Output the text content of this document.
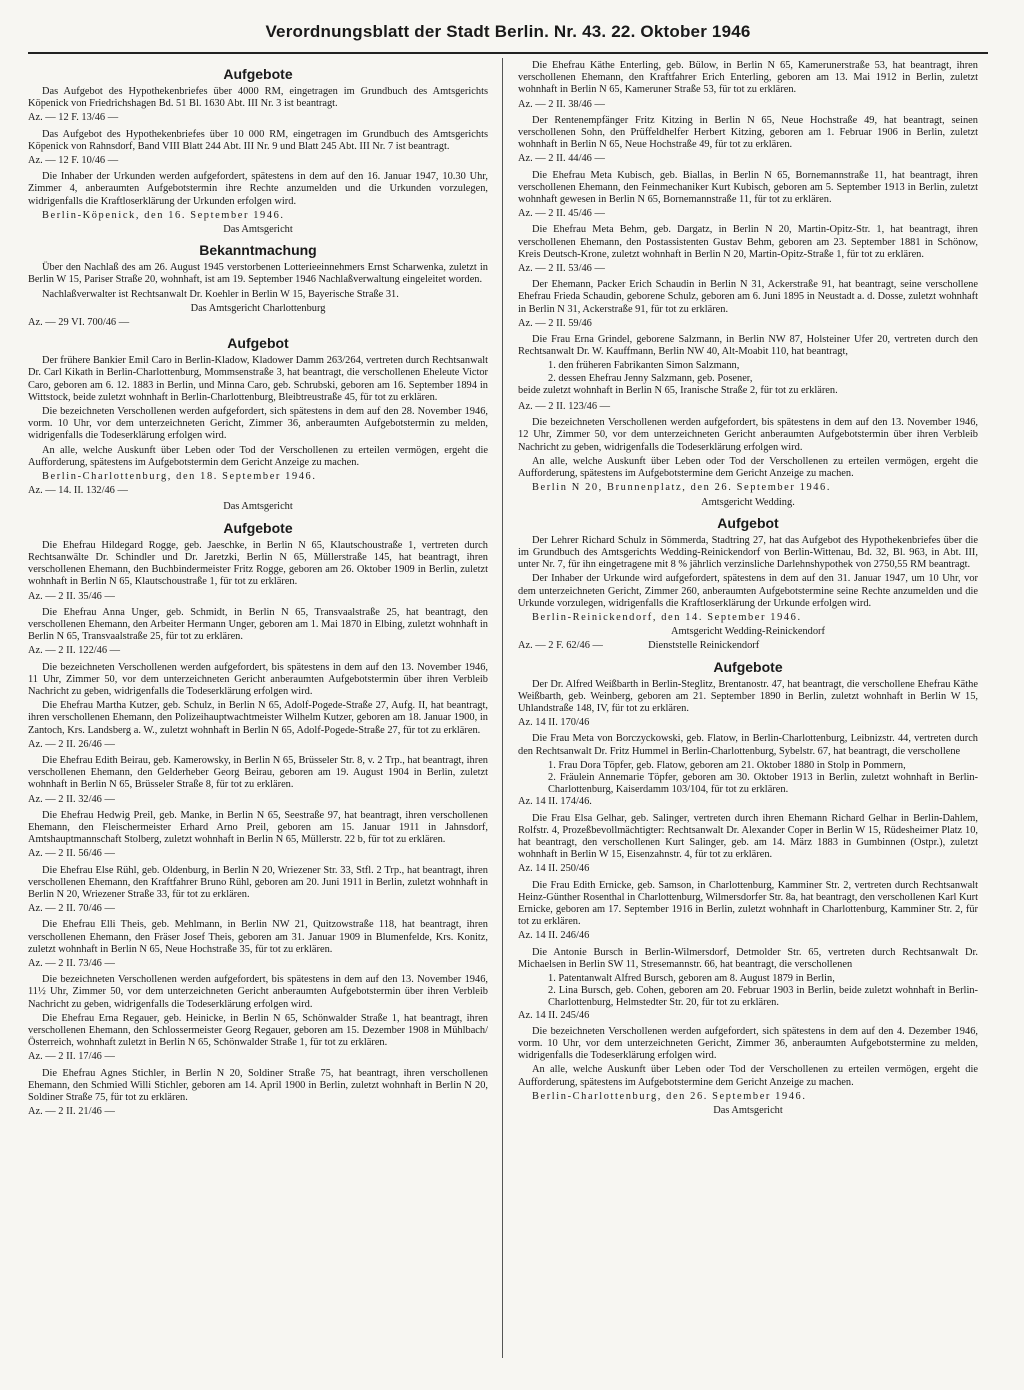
Verordnungsblatt der Stadt Berlin. Nr. 43. 22. Oktober 1946
Aufgebote

Das Aufgebot des Hypothekenbriefes über 4000 RM, eingetragen im Grundbuch des Amtsgerichts Köpenick von Friedrichshagen Bd. 51 Bl. 1630 Abt. III Nr. 3 ist beantragt.

Az. — 12 F. 13/46 —

Das Aufgebot des Hypothekenbriefes über 10 000 RM, eingetragen im Grundbuch des Amtsgerichts Köpenick von Rahnsdorf, Band VIII Blatt 244 Abt. III Nr. 9 und Blatt 245 Abt. III Nr. 7 ist beantragt.

Az. — 12 F. 10/46 —

Die Inhaber der Urkunden werden aufgefordert, spätestens in dem auf den 16. Januar 1947, 10.30 Uhr, Zimmer 4, anberaumten Aufgebotstermin ihre Rechte anzumelden und die Urkunden vorzulegen, widrigenfalls die Kraftloserklärung der Urkunden erfolgen wird.

Berlin-Köpenick, den 16. September 1946.

Das Amtsgericht

Bekanntmachung

Über den Nachlaß des am 26. August 1945 verstorbenen Lotterieeinnehmers Ernst Scharwenka, zuletzt in Berlin W 15, Pariser Straße 20, wohnhaft, ist am 19. September 1946 Nachlaßverwaltung eingeleitet worden.

Nachlaßverwalter ist Rechtsanwalt Dr. Koehler in Berlin W 15, Bayerische Straße 31.

Das Amtsgericht Charlottenburg

Az. — 29 VI. 700/46 —

Aufgebot

Der frühere Bankier Emil Caro in Berlin-Kladow, Kladower Damm 263/264, vertreten durch Rechtsanwalt Dr. Carl Kikath in Berlin-Charlottenburg, Mommsenstraße 3, hat beantragt, die verschollenen Eheleute Victor Caro, geboren am 6. 12. 1883 in Berlin, und Minna Caro, geb. Schrubski, geboren am 16. September 1894 in Wittstock, beide zuletzt wohnhaft in Berlin-Charlottenburg, Bleibtreustraße 45, für tot zu erklären.

Die bezeichneten Verschollenen werden aufgefordert, sich spätestens in dem auf den 28. November 1946, vorm. 10 Uhr, vor dem unterzeichneten Gericht, Zimmer 36, anberaumten Aufgebotstermin zu melden, widrigenfalls die Todeserklärung erfolgen wird.

An alle, welche Auskunft über Leben oder Tod der Verschollenen zu erteilen vermögen, ergeht die Aufforderung, spätestens im Aufgebotstermin dem Gericht Anzeige zu machen.

Berlin-Charlottenburg, den 18. September 1946.

Az. — 14. II. 132/46 —

Das Amtsgericht

Aufgebote

Die Ehefrau Hildegard Rogge, geb. Jaeschke, in Berlin N 65, Klautschoustraße 1, vertreten durch Rechtsanwälte Dr. Schindler und Dr. Jaretzki, Berlin N 65, Müllerstraße 145, hat beantragt, ihren verschollenen Ehemann, den Buchbindermeister Fritz Rogge, geboren am 26. Oktober 1909 in Berlin, zuletzt wohnhaft in Berlin N 65, Klautschoustraße 1, für tot zu erklären.

Az. — 2 II. 35/46 —

Die Ehefrau Anna Unger, geb. Schmidt, in Berlin N 65, Transvaalstraße 25, hat beantragt, den verschollenen Ehemann, den Arbeiter Hermann Unger, geboren am 1. Mai 1870 in Elbing, zuletzt wohnhaft in Berlin N 65, Transvaalstraße 25, für tot zu erklären.

Az. — 2 II. 122/46 —

Die bezeichneten Verschollenen werden aufgefordert, bis spätestens in dem auf den 13. November 1946, 11 Uhr, Zimmer 50, vor dem unterzeichneten Gericht anberaumten Aufgebotstermin über ihren Verbleib Nachricht zu geben, widrigenfalls die Todeserklärung erfolgen wird.

Die Ehefrau Martha Kutzer, geb. Schulz, in Berlin N 65, Adolf-Pogede-Straße 27, Aufg. II, hat beantragt, ihren verschollenen Ehemann, den Polizeihauptwachtmeister Wilhelm Kutzer, geboren am 18. Januar 1900, in Zantoch, Krs. Landsberg a. W., zuletzt wohnhaft in Berlin N 65, Adolf-Pogede-Straße 27, für tot zu erklären.

Az. — 2 II. 26/46 —

Die Ehefrau Edith Beirau, geb. Kamerowsky, in Berlin N 65, Brüsseler Str. 8, v. 2 Trp., hat beantragt, ihren verschollenen Ehemann, den Gelderheber Georg Beirau, geboren am 19. August 1904 in Berlin, zuletzt wohnhaft in Berlin N 65, Brüsseler Straße 8, für tot zu erklären.

Az. — 2 II. 32/46 —

Die Ehefrau Hedwig Preil, geb. Manke, in Berlin N 65, Seestraße 97, hat beantragt, ihren verschollenen Ehemann, den Fleischermeister Erhard Arno Preil, geboren am 15. Januar 1911 in Jahnsdorf, Amtshauptmannschaft Stolberg, zuletzt wohnhaft in Berlin N 65, Müllerstr. 22 b, für tot zu erklären.

Az. — 2 II. 56/46 —

Die Ehefrau Else Rühl, geb. Oldenburg, in Berlin N 20, Wriezener Str. 33, Stfl. 2 Trp., hat beantragt, ihren verschollenen Ehemann, den Kraftfahrer Bruno Rühl, geboren am 20. Juni 1911 in Berlin, zuletzt wohnhaft in Berlin N 20, Wriezener Straße 33, für tot zu erklären.

Az. — 2 II. 70/46 —

Die Ehefrau Elli Theis, geb. Mehlmann, in Berlin NW 21, Quitzowstraße 118, hat beantragt, ihren verschollenen Ehemann, den Fräser Josef Theis, geboren am 31. Januar 1909 in Blumenfelde, Krs. Konitz, zuletzt wohnhaft in Berlin N 65, Neue Hochstraße 35, für tot zu erklären.

Az. — 2 II. 73/46 —

Die bezeichneten Verschollenen werden aufgefordert, bis spätestens in dem auf den 13. November 1946, 11½ Uhr, Zimmer 50, vor dem unterzeichneten Gericht anberaumten Aufgebotstermin über ihren Verbleib Nachricht zu geben, widrigenfalls die Todeserklärung erfolgen wird.

Die Ehefrau Erna Regauer, geb. Heinicke, in Berlin N 65, Schönwalder Straße 1, hat beantragt, ihren verschollenen Ehemann, den Schlossermeister Georg Regauer, geboren am 15. Dezember 1908 in Mühlbach/Österreich, wohnhaft zuletzt in Berlin N 65, Schönwalder Straße 1, für tot zu erklären.

Az. — 2 II. 17/46 —

Die Ehefrau Agnes Stichler, in Berlin N 20, Soldiner Straße 75, hat beantragt, ihren verschollenen Ehemann, den Schmied Willi Stichler, geboren am 14. April 1900 in Berlin, zuletzt wohnhaft in Berlin N 20, Soldiner Straße 75, für tot zu erklären.

Az. — 2 II. 21/46 —

Die Ehefrau Käthe Enterling, geb. Bülow, in Berlin N 65, Kamerunerstraße 53, hat beantragt, ihren verschollenen Ehemann, den Kraftfahrer Erich Enterling, geboren am 13. Mai 1912 in Berlin, zuletzt wohnhaft in Berlin N 65, Kameruner Straße 53, für tot zu erklären.

Az. — 2 II. 38/46 —

Der Rentenempfänger Fritz Kitzing in Berlin N 65, Neue Hochstraße 49, hat beantragt, seinen verschollenen Sohn, den Prüffeldhelfer Herbert Kitzing, geboren am 1. Februar 1906 in Berlin, zuletzt wohnhaft in Berlin N 65, Neue Hochstraße 49, für tot zu erklären.

Az. — 2 II. 44/46 —

Die Ehefrau Meta Kubisch, geb. Biallas, in Berlin N 65, Bornemannstraße 11, hat beantragt, ihren verschollenen Ehemann, den Feinmechaniker Kurt Kubisch, geboren am 5. September 1913 in Berlin, zuletzt wohnhaft gewesen in Berlin N 65, Bornemannstraße 11, für tot zu erklären.

Az. — 2 II. 45/46 —

Die Ehefrau Meta Behm, geb. Dargatz, in Berlin N 20, Martin-Opitz-Str. 1, hat beantragt, ihren verschollenen Ehemann, den Postassistenten Gustav Behm, geboren am 23. September 1881 in Schönow, Kreis Deutsch-Krone, zuletzt wohnhaft in Berlin N 20, Martin-Opitz-Straße 1, für tot zu erklären.

Az. — 2 II. 53/46 —

Der Ehemann, Packer Erich Schaudin in Berlin N 31, Ackerstraße 91, hat beantragt, seine verschollene Ehefrau Frieda Schaudin, geborene Schulz, geboren am 6. Juni 1895 in Neustadt a. d. Dosse, zuletzt wohnhaft in Berlin N 31, Ackerstraße 91, für tot zu erklären.

Az. — 2 II. 59/46

Die Frau Erna Grindel, geborene Salzmann, in Berlin NW 87, Holsteiner Ufer 20, vertreten durch den Rechtsanwalt Dr. W. Kauffmann, Berlin NW 40, Alt-Moabit 110, hat beantragt,

1. den früheren Fabrikanten Simon Salzmann,

2. dessen Ehefrau Jenny Salzmann, geb. Posener,

beide zuletzt wohnhaft in Berlin N 65, Iranische Straße 2, für tot zu erklären.

Az. — 2 II. 123/46 —

Die bezeichneten Verschollenen werden aufgefordert, bis spätestens in dem auf den 13. November 1946, 12 Uhr, Zimmer 50, vor dem unterzeichneten Gericht anberaumten Aufgebotstermin über ihren Verbleib Nachricht zu geben, widrigenfalls die Todeserklärung erfolgen wird.

An alle, welche Auskunft über Leben oder Tod der Verschollenen zu erteilen vermögen, ergeht die Aufforderung, spätestens im Aufgebotstermine dem Gericht Anzeige zu machen.

Berlin N 20, Brunnenplatz, den 26. September 1946.

Amtsgericht Wedding.

Aufgebot

Der Lehrer Richard Schulz in Sömmerda, Stadtring 27, hat das Aufgebot des Hypothekenbriefes über die im Grundbuch des Amtsgerichts Wedding-Reinickendorf von Berlin-Wittenau, Bd. 32, Bl. 963, in Abt. III, unter Nr. 7, für ihn eingetragene mit 8 % jährlich verzinsliche Darlehnshypothek von 2750,55 RM beantragt.

Der Inhaber der Urkunde wird aufgefordert, spätestens in dem auf den 31. Januar 1947, um 10 Uhr, vor dem unterzeichneten Gericht, Zimmer 260, anberaumten Aufgebotstermine seine Rechte anzumelden und die Urkunde vorzulegen, widrigenfalls die Kraftloserklärung der Urkunde erfolgen wird.

Berlin-Reinickendorf, den 14. September 1946.

Amtsgericht Wedding-Reinickendorf

Az. — 2 F. 62/46 —	Dienststelle Reinickendorf

Aufgebote

Der Dr. Alfred Weißbarth in Berlin-Steglitz, Brentanostr. 47, hat beantragt, die verschollene Ehefrau Käthe Weißbarth, geb. Weinberg, geboren am 21. September 1890 in Berlin, zuletzt wohnhaft in Berlin W 15, Uhlandstraße 148, IV, für tot zu erklären.

Az. 14 II. 170/46

Die Frau Meta von Borczyckowski, geb. Flatow, in Berlin-Charlottenburg, Leibnizstr. 44, vertreten durch den Rechtsanwalt Dr. Fritz Hummel in Berlin-Charlottenburg, Sybelstr. 67, hat beantragt, die verschollene

1. Frau Dora Töpfer, geb. Flatow, geboren am 21. Oktober 1880 in Stolp in Pommern,

2. Fräulein Annemarie Töpfer, geboren am 30. Oktober 1913 in Berlin, zuletzt wohnhaft in Berlin-Charlottenburg, Kaiserdamm 103/104, für tot zu erklären.

Az. 14 II. 174/46.

Die Frau Elsa Gelhar, geb. Salinger, vertreten durch ihren Ehemann Richard Gelhar in Berlin-Dahlem, Rolfstr. 4, Prozeßbevollmächtigter: Rechtsanwalt Dr. Alexander Coper in Berlin W 15, Rüdesheimer Platz 10, hat beantragt, den verschollenen Kurt Salinger, geb. am 14. März 1883 in Gumbinnen (Ostpr.), zuletzt wohnhaft in Berlin W 15, Eisenzahnstr. 4, für tot zu erklären.

Az. 14 II. 250/46

Die Frau Edith Ernicke, geb. Samson, in Charlottenburg, Kamminer Str. 2, vertreten durch Rechtsanwalt Heinz-Günther Rosenthal in Charlottenburg, Wilmersdorfer Str. 8a, hat beantragt, den verschollenen Karl Kurt Ernicke, geboren am 17. September 1916 in Berlin, zuletzt wohnhaft in Charlottenburg, Kamminer Str. 2, für tot zu erklären.

Az. 14 II. 246/46

Die Antonie Bursch in Berlin-Wilmersdorf, Detmolder Str. 65, vertreten durch Rechtsanwalt Dr. Michaelsen in Berlin SW 11, Stresemannstr. 66, hat beantragt, die verschollenen

1. Patentanwalt Alfred Bursch, geboren am 8. August 1879 in Berlin,

2. Lina Bursch, geb. Cohen, geboren am 20. Februar 1903 in Berlin, beide zuletzt wohnhaft in Berlin-Charlottenburg, Helmstedter Str. 20, für tot zu erklären.

Az. 14 II. 245/46

Die bezeichneten Verschollenen werden aufgefordert, sich spätestens in dem auf den 4. Dezember 1946, vorm. 10 Uhr, vor dem unterzeichneten Gericht, Zimmer 36, anberaumten Aufgebotstermine zu melden, widrigenfalls die Todeserklärung erfolgen wird.

An alle, welche Auskunft über Leben oder Tod der Verschollenen zu erteilen vermögen, ergeht die Aufforderung, spätestens im Aufgebotstermine dem Gericht Anzeige zu machen.

Berlin-Charlottenburg, den 26. September 1946.

Das Amtsgericht
